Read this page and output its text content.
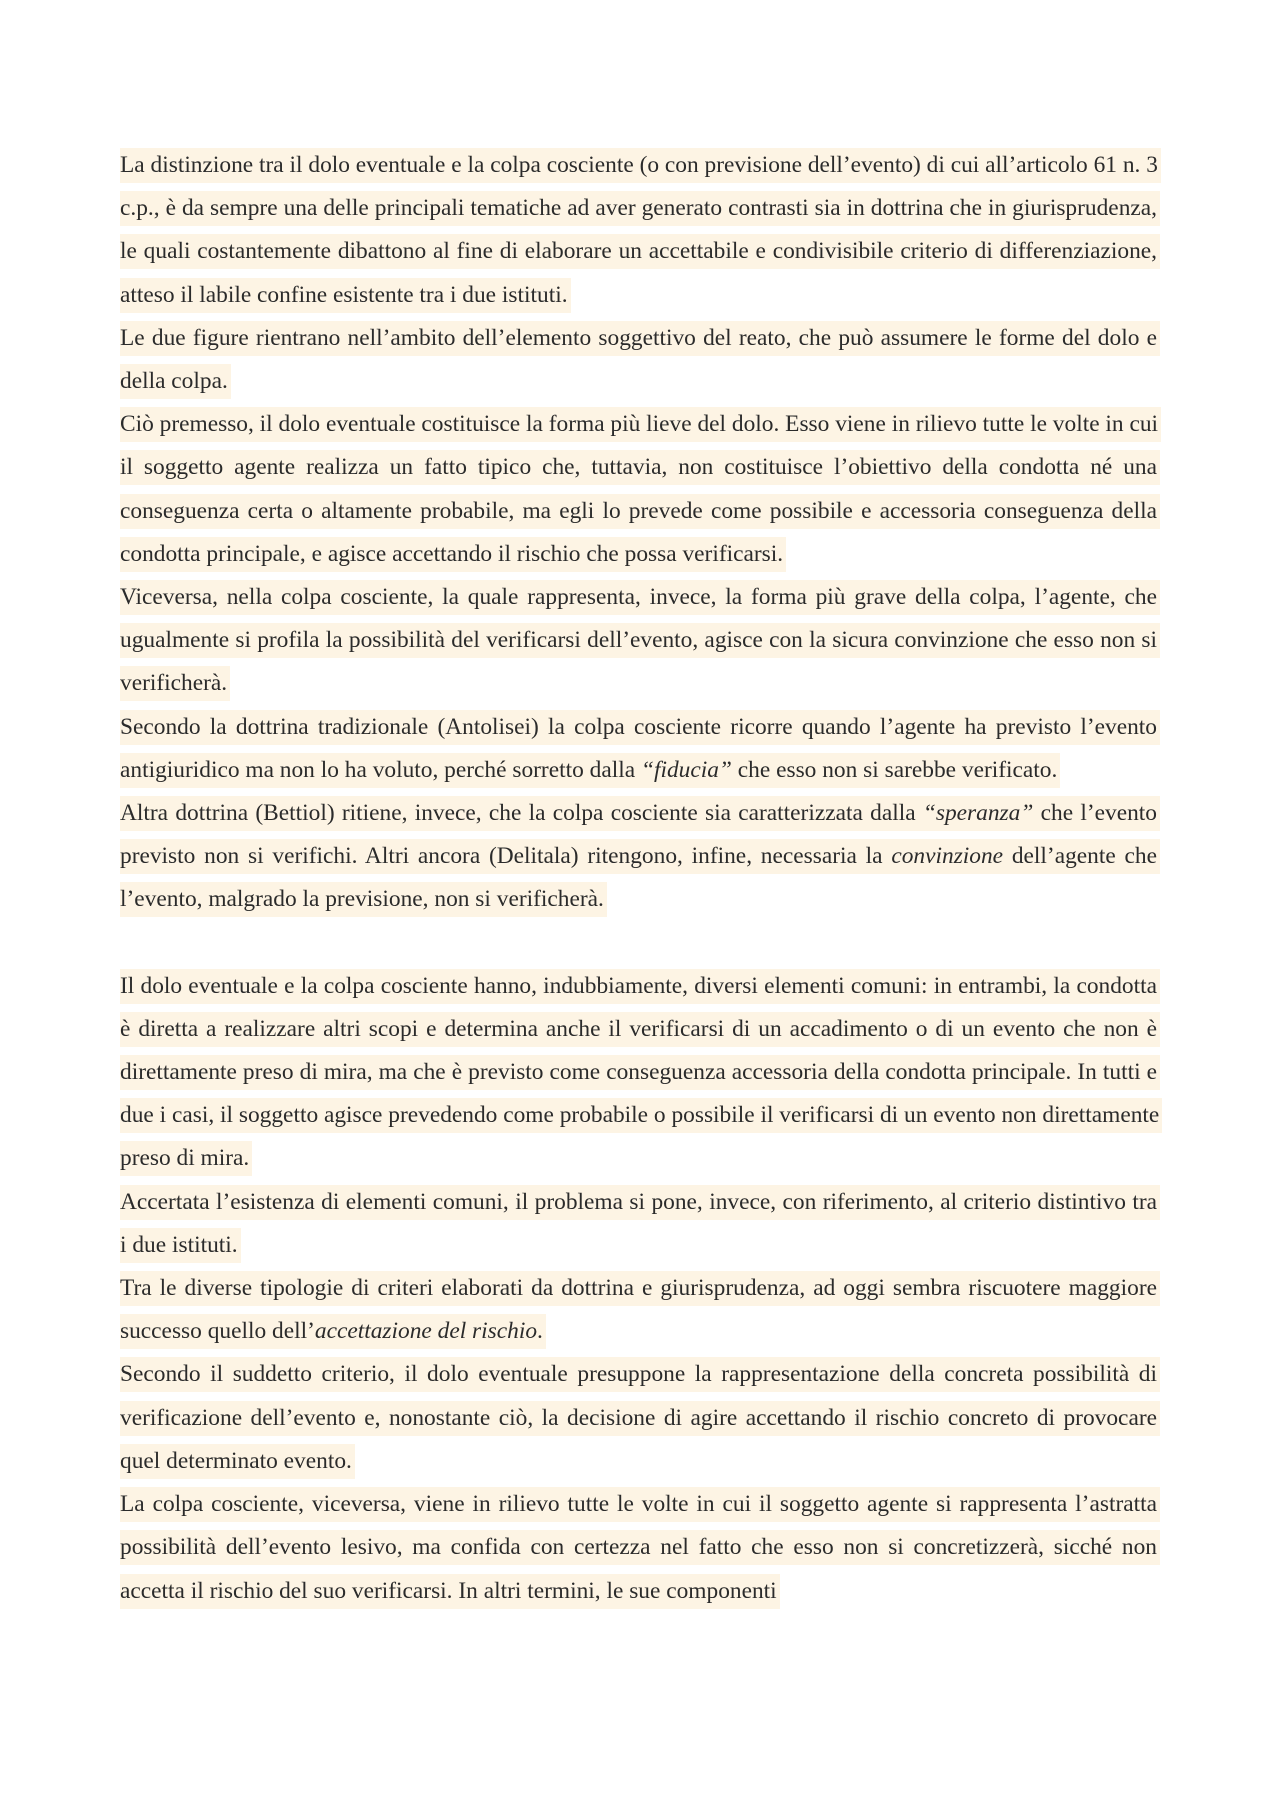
La distinzione tra il dolo eventuale e la colpa cosciente (o con previsione dell’evento) di cui all’articolo 61 n. 3 c.p., è da sempre una delle principali tematiche ad aver generato contrasti sia in dottrina che in giurisprudenza, le quali costantemente dibattono al fine di elaborare un accettabile e condivisibile criterio di differenziazione, atteso il labile confine esistente tra i due istituti.

Le due figure rientrano nell’ambito dell’elemento soggettivo del reato, che può assumere le forme del dolo e della colpa.

Ciò premesso, il dolo eventuale costituisce la forma più lieve del dolo. Esso viene in rilievo tutte le volte in cui il soggetto agente realizza un fatto tipico che, tuttavia, non costituisce l’obiettivo della condotta né una conseguenza certa o altamente probabile, ma egli lo prevede come possibile e accessoria conseguenza della condotta principale, e agisce accettando il rischio che possa verificarsi.

Viceversa, nella colpa cosciente, la quale rappresenta, invece, la forma più grave della colpa, l’agente, che ugualmente si profila la possibilità del verificarsi dell’evento, agisce con la sicura convinzione che esso non si verificherà.

Secondo la dottrina tradizionale (Antolisei) la colpa cosciente ricorre quando l’agente ha previsto l’evento antigiuridico ma non lo ha voluto, perché sorretto dalla “fiducia” che esso non si sarebbe verificato.

Altra dottrina (Bettiol) ritiene, invece, che la colpa cosciente sia caratterizzata dalla “speranza” che l’evento previsto non si verifichi. Altri ancora (Delitala) ritengono, infine, necessaria la convinzione dell’agente che l’evento, malgrado la previsione, non si verificherà.

Il dolo eventuale e la colpa cosciente hanno, indubbiamente, diversi elementi comuni: in entrambi, la condotta è diretta a realizzare altri scopi e determina anche il verificarsi di un accadimento o di un evento che non è direttamente preso di mira, ma che è previsto come conseguenza accessoria della condotta principale. In tutti e due i casi, il soggetto agisce prevedendo come probabile o possibile il verificarsi di un evento non direttamente preso di mira.

Accertata l’esistenza di elementi comuni, il problema si pone, invece, con riferimento, al criterio distintivo tra i due istituti.

Tra le diverse tipologie di criteri elaborati da dottrina e giurisprudenza, ad oggi sembra riscuotere maggiore successo quello dell’accettazione del rischio.

Secondo il suddetto criterio, il dolo eventuale presuppone la rappresentazione della concreta possibilità di verificazione dell’evento e, nonostante ciò, la decisione di agire accettando il rischio concreto di provocare quel determinato evento.

La colpa cosciente, viceversa, viene in rilievo tutte le volte in cui il soggetto agente si rappresenta l’astratta possibilità dell’evento lesivo, ma confida con certezza nel fatto che esso non si concretizzerà, sicché non accetta il rischio del suo verificarsi. In altri termini, le sue componenti
